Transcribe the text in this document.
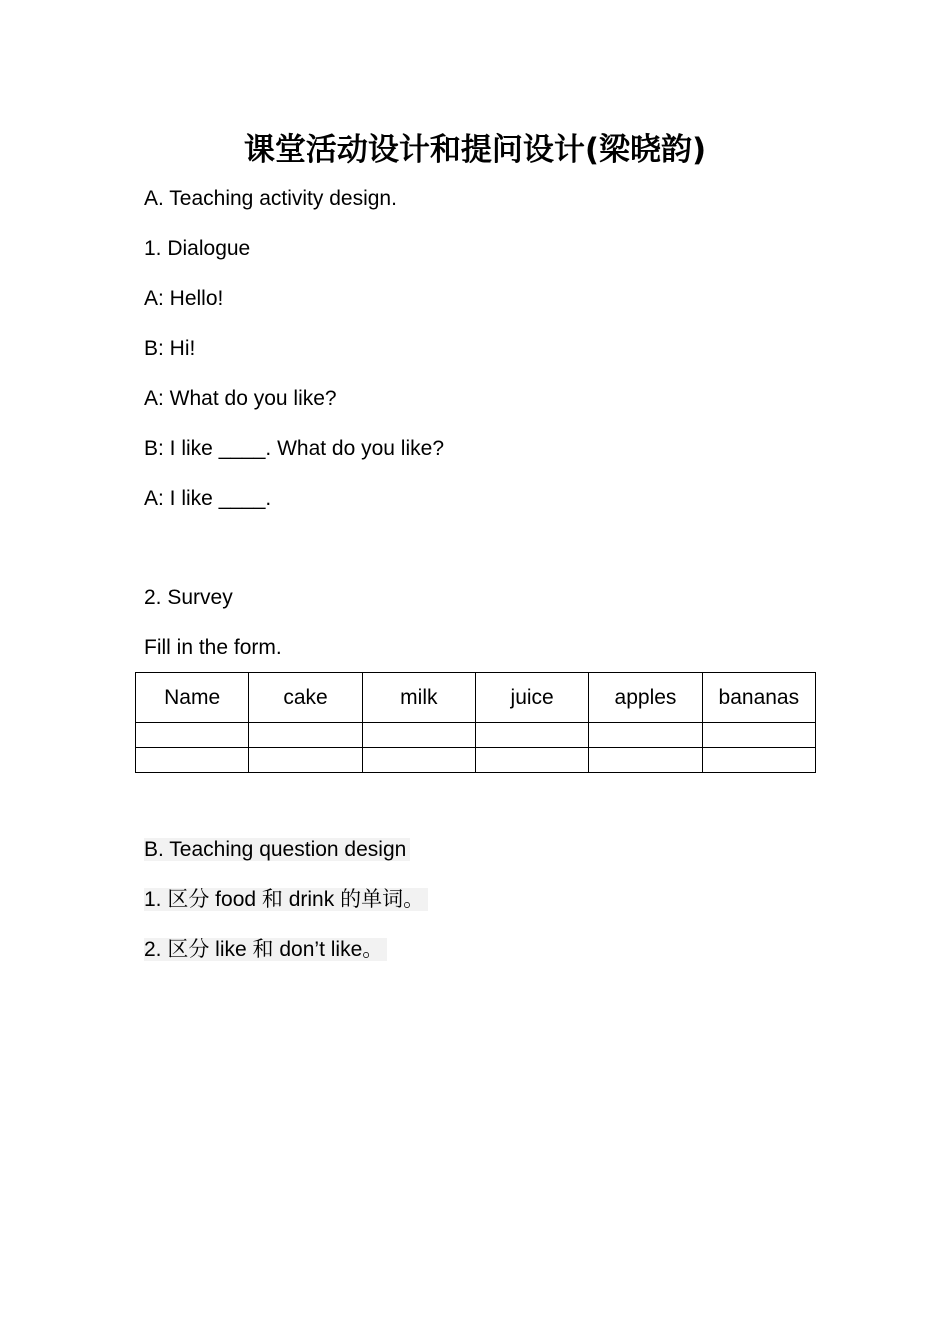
课堂活动设计和提问设计(梁晓韵)

A. Teaching activity design.

1. Dialogue

A: Hello!

B: Hi!

A: What do you like?

B: I like ____. What do you like?

A: I like ____.

2. Survey

Fill in the form.

Name	cake	milk	juice	apples	bananas

B. Teaching question design

1. 区分 food 和 drink 的单词。

2. 区分 like 和 don’t like。
